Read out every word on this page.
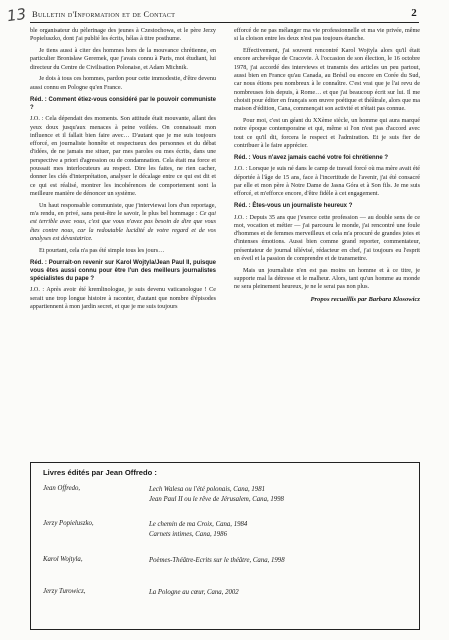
13 Bulletin d'Information et de Contact	2

ble organisateur du pèlerinage des jeunes à Czestochowa, et le père Jerzy Popieluszko, dont j'ai publié les écrits, hélas à titre posthume.

Je tiens aussi à citer des hommes hors de la mouvance chrétienne, en particulier Bronisław Geremek, que j'avais connu à Paris, moi étudiant, lui directeur du Centre de Civilisation Polonaise, et Adam Michnik.

Je dois à tous ces hommes, pardon pour cette immodestie, d'être devenu aussi connu en Pologne qu'en France.

Réd. : Comment étiez-vous considéré par le pouvoir communiste ?

J.O. : Cela dépendait des moments. Son attitude était mouvante, allant des yeux doux jusqu'aux menaces à peine voilées. On connaissait mon influence et il fallait bien faire avec… D'autant que je me suis toujours efforcé, en journaliste honnête et respectueux des personnes et du débat d'idées, de ne jamais me situer, par mes paroles ou mes écrits, dans une perspective a priori d'agression ou de condamnation. Cela était ma force et poussait mes interlocuteurs au respect. Dire les faites, ne rien cacher, donner les clés d'interprétation, analyser le décalage entre ce qui est dit et ce qui est réalisé, montrer les incohérences de comportement sont la meilleure manière de dénoncer un système.

Un haut responsable communiste, que j'interviewai lors d'un reportage, m'a rendu, en privé, sans peut-être le savoir, le plus bel hommage : Ce qui est terrible avec vous, c'est que vous n'avez pas besoin de dire que vous êtes contre nous, car la redoutable lucidité de votre regard et de vos analyses est dévastatrice.

Et pourtant, cela n'a pas été simple tous les jours…

Réd. : Pourrait-on revenir sur Karol Wojtyla/Jean Paul II, puisque vous êtes aussi connu pour être l'un des meilleurs journalistes spécialistes du pape ?

J.O. : Après avoir été kremlinologue, je suis devenu vaticanologue ! Ce serait une trop longue histoire à raconter, d'autant que nombre d'épisodes appartiennent à mon jardin secret, et que je me suis toujours

efforcé de ne pas mélanger ma vie professionnelle et ma vie privée, même si la cloison entre les deux n'est pas toujours étanche.

Effectivement, j'ai souvent rencontré Karol Wojtyla alors qu'il était encore archevêque de Cracovie. À l'occasion de son élection, le 16 octobre 1978, j'ai accordé des interviews et transmis des articles un peu partout, aussi bien en France qu'au Canada, au Brésil ou encore en Corée du Sud, car nous étions peu nombreux à le connaître. C'est vrai que je l'ai revu de nombreuses fois depuis, à Rome… et que j'ai beaucoup écrit sur lui. Il me choisit pour éditer en français son œuvre poétique et théâtrale, alors que ma maison d'édition, Cana, commençait son activité et n'était pas connue.

Pour moi, c'est un géant du XXème siècle, un homme qui aura marqué notre époque contemporaine et qui, même si l'on n'est pas d'accord avec tout ce qu'il dit, forcera le respect et l'admiration. Et je suis fier de contribuer à le faire apprécier.

Réd. : Vous n'avez jamais caché votre foi chrétienne ?

J.O. : Lorsque je suis né dans le camp de travail forcé où ma mère avait été déportée à l'âge de 15 ans, face à l'incertitude de l'avenir, j'ai été consacré par elle et mon père à Notre Dame de Jasna Góra et à Son fils. Je me suis efforcé, et m'efforce encore, d'être fidèle à cet engagement.

Réd. : Êtes-vous un journaliste heureux ?

J.O. : Depuis 35 ans que j'exerce cette profession — au double sens de ce mot, vocation et métier — j'ai parcouru le monde, j'ai rencontré une foule d'hommes et de femmes merveilleux et cela m'a procuré de grandes joies et d'intenses émotions. Aussi bien comme grand reporter, commentateur, présentateur de journal télévisé, rédacteur en chef, j'ai toujours eu l'esprit en éveil et la passion de comprendre et de transmettre.

Mais un journaliste n'en est pas moins un homme et à ce titre, je supporte mal la détresse et le malheur. Alors, tant qu'un homme au monde ne sera pleinement heureux, je ne le serai pas non plus.

Propos recueillis par Barbara Klosowicz

Livres édités par Jean Offredo :
Jean Offredo,	Lech Walesa ou l'été polonais, Cana, 1981
Jean Paul II ou le rêve de Jérusalem, Cana, 1998
Jerzy Popieluszko,	Le chemin de ma Croix, Cana, 1984
Carnets intimes, Cana, 1986
Karol Wojtyla,	Poèmes-Théâtre-Ecrits sur le théâtre, Cana, 1998
Jerzy Turowicz,	La Pologne au cœur, Cana, 2002
